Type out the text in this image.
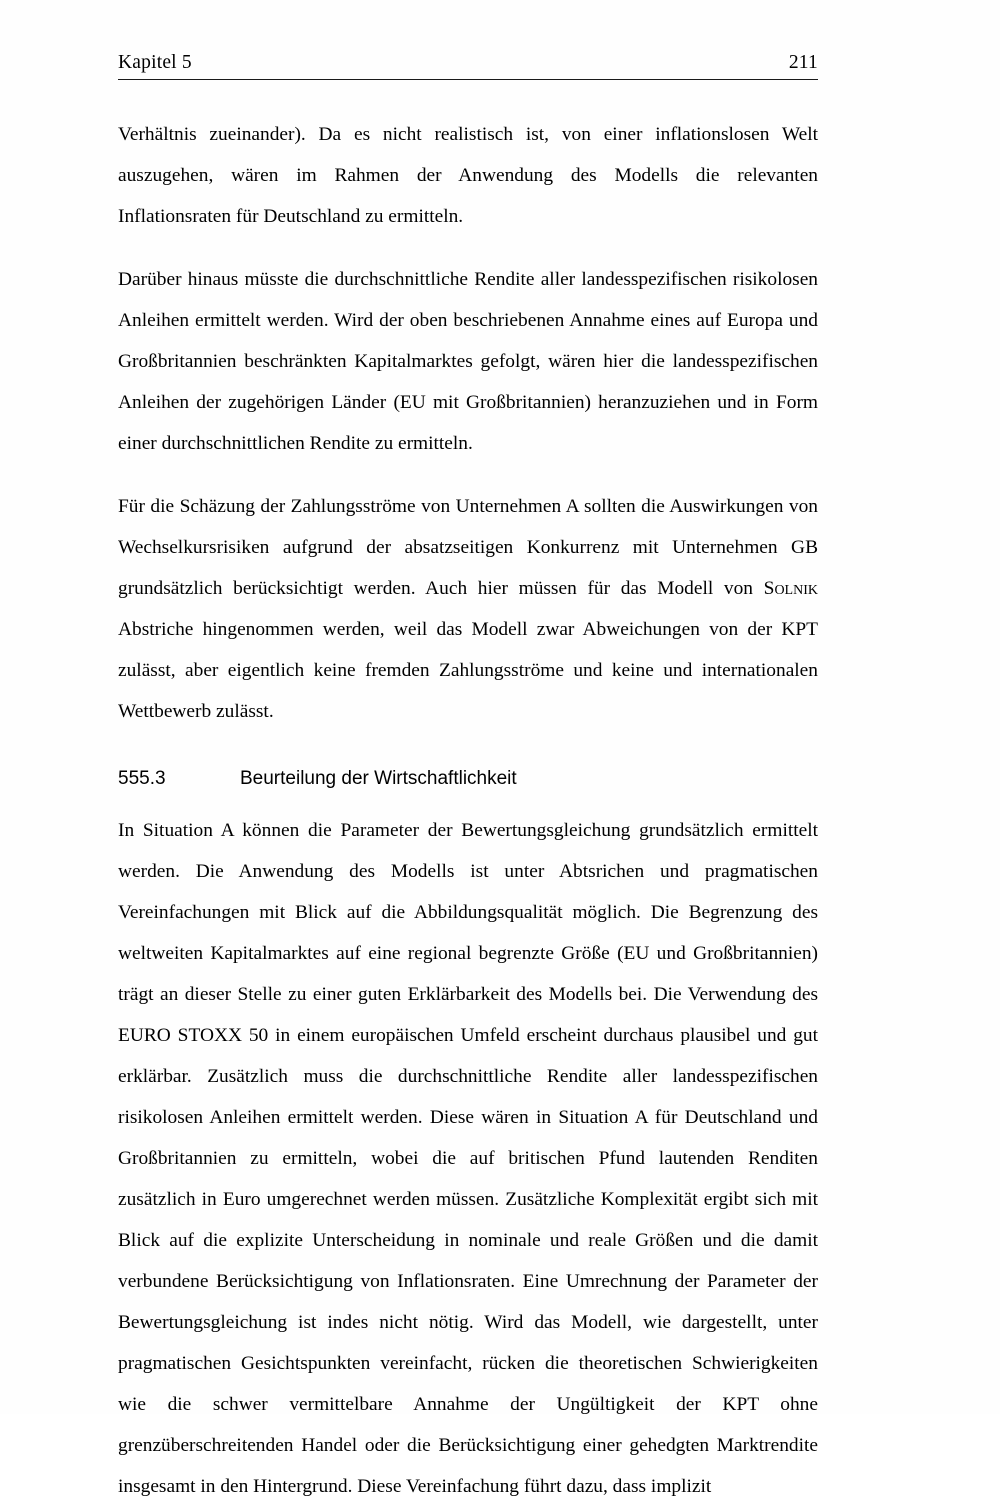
Kapitel 5	211

Verhältnis zueinander). Da es nicht realistisch ist, von einer inflationslosen Welt auszugehen, wären im Rahmen der Anwendung des Modells die relevanten Inflationsraten für Deutschland zu ermitteln.

Darüber hinaus müsste die durchschnittliche Rendite aller landesspezifischen risikolosen Anleihen ermittelt werden. Wird der oben beschriebenen Annahme eines auf Europa und Großbritannien beschränkten Kapitalmarktes gefolgt, wären hier die landesspezifischen Anleihen der zugehörigen Länder (EU mit Großbritannien) heranzuziehen und in Form einer durchschnittlichen Rendite zu ermitteln.

Für die Schäzung der Zahlungsströme von Unternehmen A sollten die Auswirkungen von Wechselkursrisiken aufgrund der absatzseitigen Konkurrenz mit Unternehmen GB grundsätzlich berücksichtigt werden. Auch hier müssen für das Modell von Solnik Abstriche hingenommen werden, weil das Modell zwar Abweichungen von der KPT zulässt, aber eigentlich keine fremden Zahlungsströme und keine und internationalen Wettbewerb zulässt.

555.3	Beurteilung der Wirtschaftlichkeit

In Situation A können die Parameter der Bewertungsgleichung grundsätzlich ermittelt werden. Die Anwendung des Modells ist unter Abtsrichen und pragmatischen Vereinfachungen mit Blick auf die Abbildungsqualität möglich. Die Begrenzung des weltweiten Kapitalmarktes auf eine regional begrenzte Größe (EU und Großbritannien) trägt an dieser Stelle zu einer guten Erklärbarkeit des Modells bei. Die Verwendung des EURO STOXX 50 in einem europäischen Umfeld erscheint durchaus plausibel und gut erklärbar. Zusätzlich muss die durchschnittliche Rendite aller landesspezifischen risikolosen Anleihen ermittelt werden. Diese wären in Situation A für Deutschland und Großbritannien zu ermitteln, wobei die auf britischen Pfund lautenden Renditen zusätzlich in Euro umgerechnet werden müssen. Zusätzliche Komplexität ergibt sich mit Blick auf die explizite Unterscheidung in nominale und reale Größen und die damit verbundene Berücksichtigung von Inflationsraten. Eine Umrechnung der Parameter der Bewertungsgleichung ist indes nicht nötig. Wird das Modell, wie dargestellt, unter pragmatischen Gesichtspunkten vereinfacht, rücken die theoretischen Schwierigkeiten wie die schwer vermittelbare Annahme der Ungültigkeit der KPT ohne grenzüberschreitenden Handel oder die Berücksichtigung einer gehedgten Marktrendite insgesamt in den Hintergrund. Diese Vereinfachung führt dazu, dass implizit
